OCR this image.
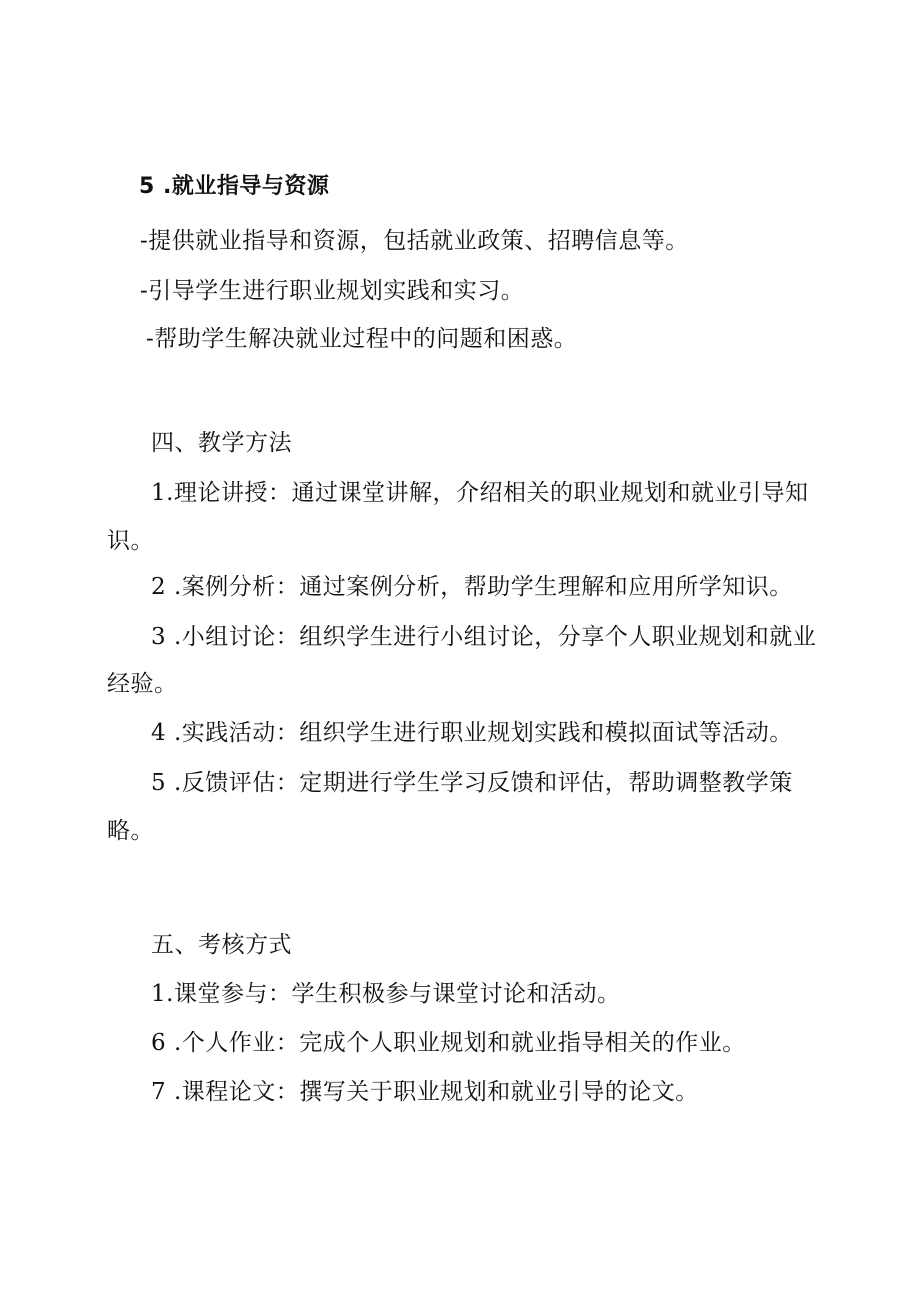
5 .就业指导与资源
-提供就业指导和资源，包括就业政策、招聘信息等。
-引导学生进行职业规划实践和实习。
-帮助学生解决就业过程中的问题和困惑。
四、教学方法
1.理论讲授：通过课堂讲解，介绍相关的职业规划和就业引导知
识。
2 .案例分析：通过案例分析，帮助学生理解和应用所学知识。
3 .小组讨论：组织学生进行小组讨论，分享个人职业规划和就业
经验。
4 .实践活动：组织学生进行职业规划实践和模拟面试等活动。
5 .反馈评估：定期进行学生学习反馈和评估，帮助调整教学策
略。
五、考核方式
1.课堂参与：学生积极参与课堂讨论和活动。
6 .个人作业：完成个人职业规划和就业指导相关的作业。
7 .课程论文：撰写关于职业规划和就业引导的论文。
